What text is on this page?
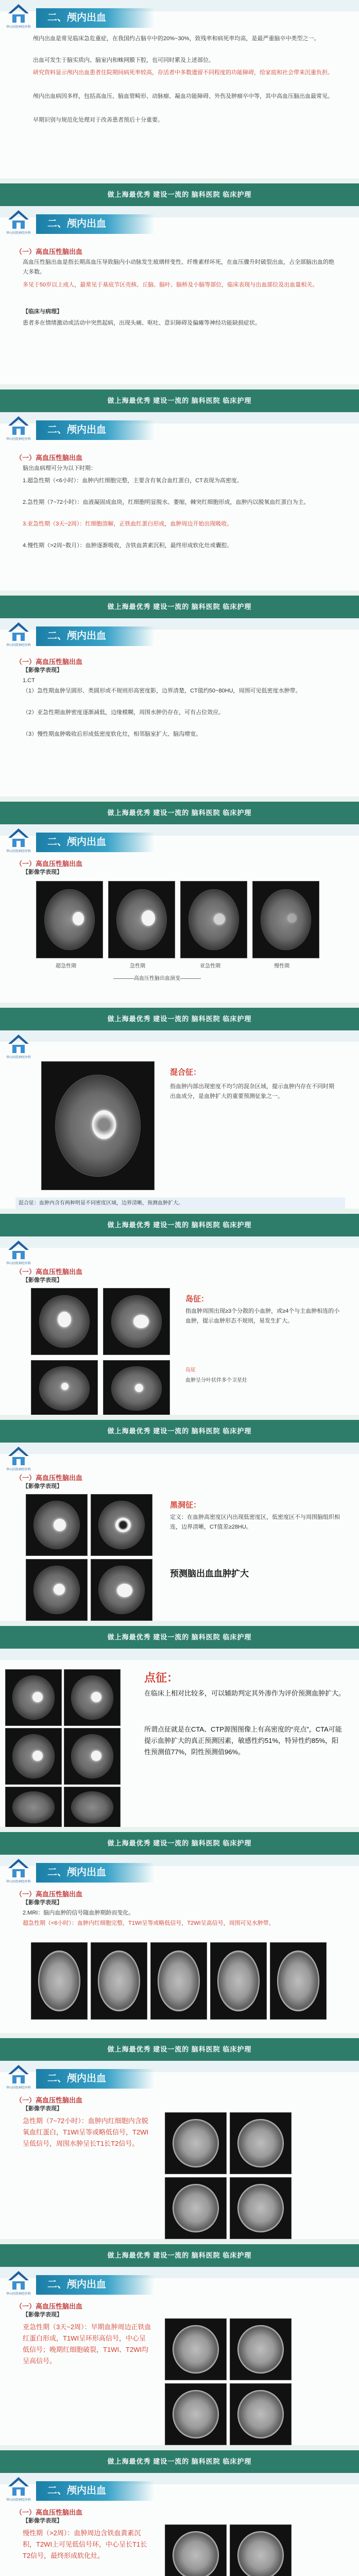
华山医院神经外科
二、颅内出血
颅内出血是常见临床急危重症，在我国约占脑卒中的20%~30%，致残率和病死率均高，是最严重脑卒中类型之一。
出血可发生于脑实质内、脑室内和蛛网膜下腔，也可同时累及上述部位。
研究资料显示颅内出血患者住院期间病死率较高，存活者中多数遗留不同程度的功能障碍，给家庭和社会带来沉重负担。
颅内出血病因多样，包括高血压、脑血管畸形、动脉瘤、凝血功能障碍、外伤及肿瘤卒中等，其中高血压脑出血最常见。
早期识别与规范化处理对于改善患者预后十分重要。
做上海最优秀 建设一流的 脑科医院 临床护理
华山医院神经外科
二、颅内出血
（一）高血压性脑出血
高血压性脑出血是指长期高血压导致脑内小动脉发生玻璃样变性、纤维素样坏死，在血压骤升时破裂出血，占全部脑出血的绝大多数。
多见于50岁以上成人，最常见于基底节区壳核、丘脑、脑叶、脑桥及小脑等部位，临床表现与出血部位及出血量相关。
【临床与病理】
患者多在情绪激动或活动中突然起病，出现头痛、呕吐、意识障碍及偏瘫等神经功能缺损症状。
做上海最优秀 建设一流的 脑科医院 临床护理
华山医院神经外科
二、颅内出血
（一）高血压性脑出血
脑出血病理可分为以下时期：
1.超急性期（<6小时）：血肿内红细胞完整，主要含有氧合血红蛋白，CT表现为高密度。
2.急性期（7~72小时）：血液凝固成血块，红细胞明显脱水、萎缩，棘突红细胞形成，血肿内以脱氧血红蛋白为主。
3.亚急性期（3天~2周）：红细胞溶解，正铁血红蛋白形成，血肿周边开始出现吸收。
4.慢性期（>2周~数月）：血肿逐渐吸收，含铁血黄素沉积，最终形成软化灶或囊腔。
做上海最优秀 建设一流的 脑科医院 临床护理
华山医院神经外科
二、颅内出血
（一）高血压性脑出血
【影像学表现】
1.CT
（1）急性期血肿呈圆形、类圆形或不规则形高密度影，边界清楚，CT值约50~80HU，周围可见低密度水肿带。
（2）亚急性期血肿密度逐渐减低，边缘模糊，周围水肿仍存在，可有占位效应。
（3）慢性期血肿吸收后形成低密度软化灶，相邻脑室扩大、脑沟增宽。
做上海最优秀 建设一流的 脑科医院 临床护理
华山医院神经外科
二、颅内出血
（一）高血压性脑出血
【影像学表现】
超急性期	急性期	亚急性期	慢性期
————高血压性脑出血演变————
做上海最优秀 建设一流的 脑科医院 临床护理
华山医院神经外科
混合征：
指血肿内部出现密度不均匀的混杂区域，提示血肿内存在不同时期出血成分，是血肿扩大的重要预测征象之一。
混合征：血肿内含有两种明显不同密度区域，边界清晰，预测血肿扩大。
做上海最优秀 建设一流的 脑科医院 临床护理
华山医院神经外科
（一）高血压性脑出血
【影像学表现】
岛征：
指血肿周围出现≥3个分散的小血肿，或≥4个与主血肿相连的小血肿，提示血肿形态不规则，易发生扩大。
岛征
血肿呈分叶状伴多个卫星灶
做上海最优秀 建设一流的 脑科医院 临床护理
华山医院神经外科
（一）高血压性脑出血
【影像学表现】
黑洞征：
定义：在血肿高密度区内出现低密度区，低密度区不与周围脑组织相连，边界清晰，CT值差≥28HU。
预测脑出血血肿扩大
做上海最优秀 建设一流的 脑科医院 临床护理
点征：
在临床上相对比较多，可以辅助判定其外渗作为评价预测血肿扩大。
所谓点征就是在CTA、CTP源图图像上有高密度的“亮点”，CTA可能提示血肿扩大的真正预测因素，敏感性约51%，特异性约85%，阳性预测值77%，阴性预测值96%。
做上海最优秀 建设一流的 脑科医院 临床护理
华山医院神经外科
二、颅内出血
（一）高血压性脑出血
【影像学表现】
2.MRI：脑内血肿的信号随血肿期龄而变化。
超急性期（<6小时）：血肿内红细胞完整，T1WI呈等或略低信号，T2WI呈高信号，周围可见水肿带。
做上海最优秀 建设一流的 脑科医院 临床护理
华山医院神经外科
二、颅内出血
（一）高血压性脑出血
【影像学表现】
急性期（7~72小时）：血肿内红细胞内含脱氧血红蛋白，T1WI呈等或略低信号，T2WI呈低信号，周围水肿呈长T1长T2信号。
做上海最优秀 建设一流的 脑科医院 临床护理
华山医院神经外科
二、颅内出血
（一）高血压性脑出血
【影像学表现】
亚急性期（3天~2周）：早期血肿周边正铁血红蛋白形成，T1WI呈环形高信号，中心呈低信号；晚期红细胞破裂，T1WI、T2WI均呈高信号。
做上海最优秀 建设一流的 脑科医院 临床护理
华山医院神经外科
二、颅内出血
（一）高血压性脑出血
【影像学表现】
慢性期（>2周）：血肿周边含铁血黄素沉积，T2WI上可见低信号环，中心呈长T1长T2信号，最终形成软化灶。
